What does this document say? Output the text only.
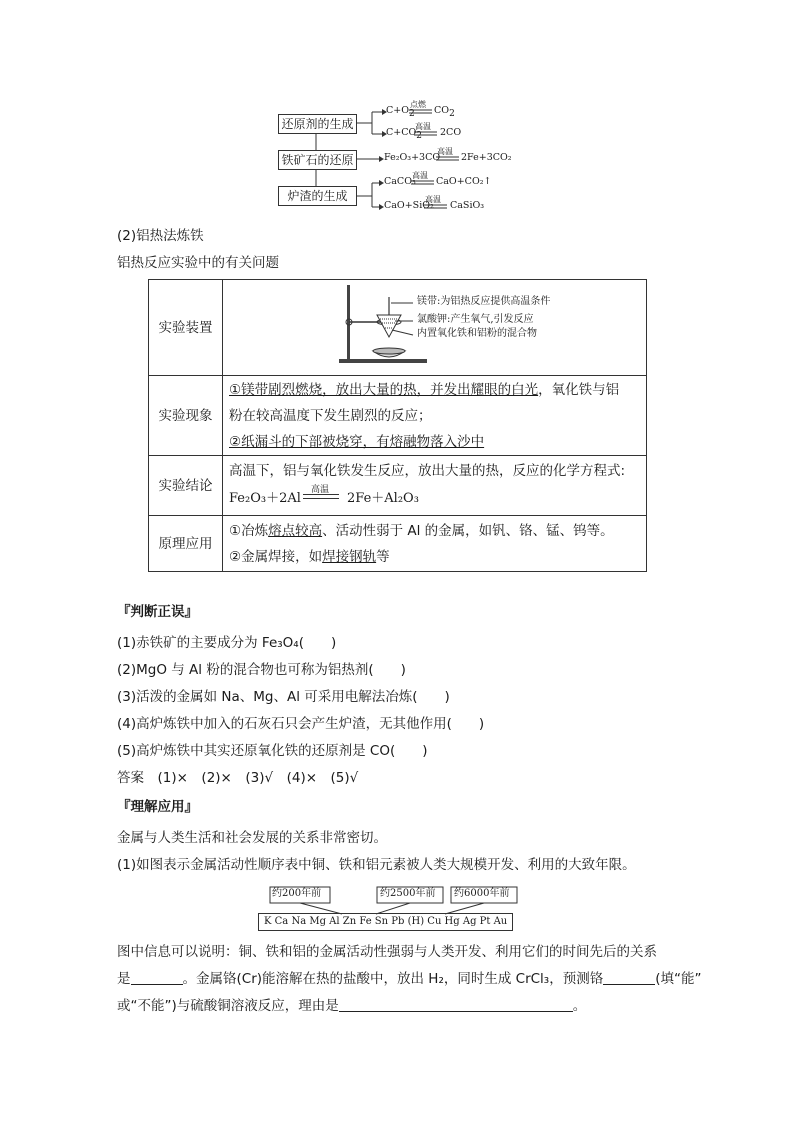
还原剂的生成
铁矿石的还原
炉渣的生成
$C+O_2$
点燃
$CO_2$
$C+CO_2$
高温
2CO
Fe₂O₃+3CO
高温
2Fe+3CO₂
CaCO₃
高温
CaO+CO₂↑
CaO+SiO₂
高温
CaSiO₃
(2)铝热法炼铁
铝热反应实验中的有关问题
实验装置	镁带:为铝热反应提供高温条件
氯酸钾:产生氧气,引发反应
内置氧化铁和铝粉的混合物

实验现象	①镁带剧烈燃烧，放出大量的热，并发出耀眼的白光，氧化铁与铝
粉在较高温度下发生剧烈的反应；
②纸漏斗的下部被烧穿，有熔融物落入沙中

实验结论	高温下，铝与氧化铁发生反应，放出大量的热，反应的化学方程式:
Fe₂O₃＋2Al
高温
2Fe＋Al₂O₃

原理应用	①冶炼熔点较高、活动性弱于 Al 的金属，如钒、铬、锰、钨等。
②金属焊接，如焊接钢轨等
『判断正误』
(1)赤铁矿的主要成分为 Fe₃O₄(　　)
(2)MgO 与 Al 粉的混合物也可称为铝热剂(　　)
(3)活泼的金属如 Na、Mg、Al 可采用电解法冶炼(　　)
(4)高炉炼铁中加入的石灰石只会产生炉渣，无其他作用(　　)
(5)高炉炼铁中其实还原氧化铁的还原剂是 CO(　　)
答案　(1)×　(2)×　(3)√　(4)×　(5)√
『理解应用』
金属与人类生活和社会发展的关系非常密切。
(1)如图表示金属活动性顺序表中铜、铁和铝元素被人类大规模开发、利用的大致年限。
约200年前	约2500年前 约6000年前
K Ca Na Mg Al Zn Fe Sn Pb (H) Cu Hg Ag Pt Au
图中信息可以说明：铜、铁和铝的金属活动性强弱与人类开发、利用它们的时间先后的关系
是	。金属铬(Cr)能溶解在热的盐酸中，放出 H₂，同时生成 CrCl₃，预测铬	(填“能”
或“不能”)与硫酸铜溶液反应，理由是	。
